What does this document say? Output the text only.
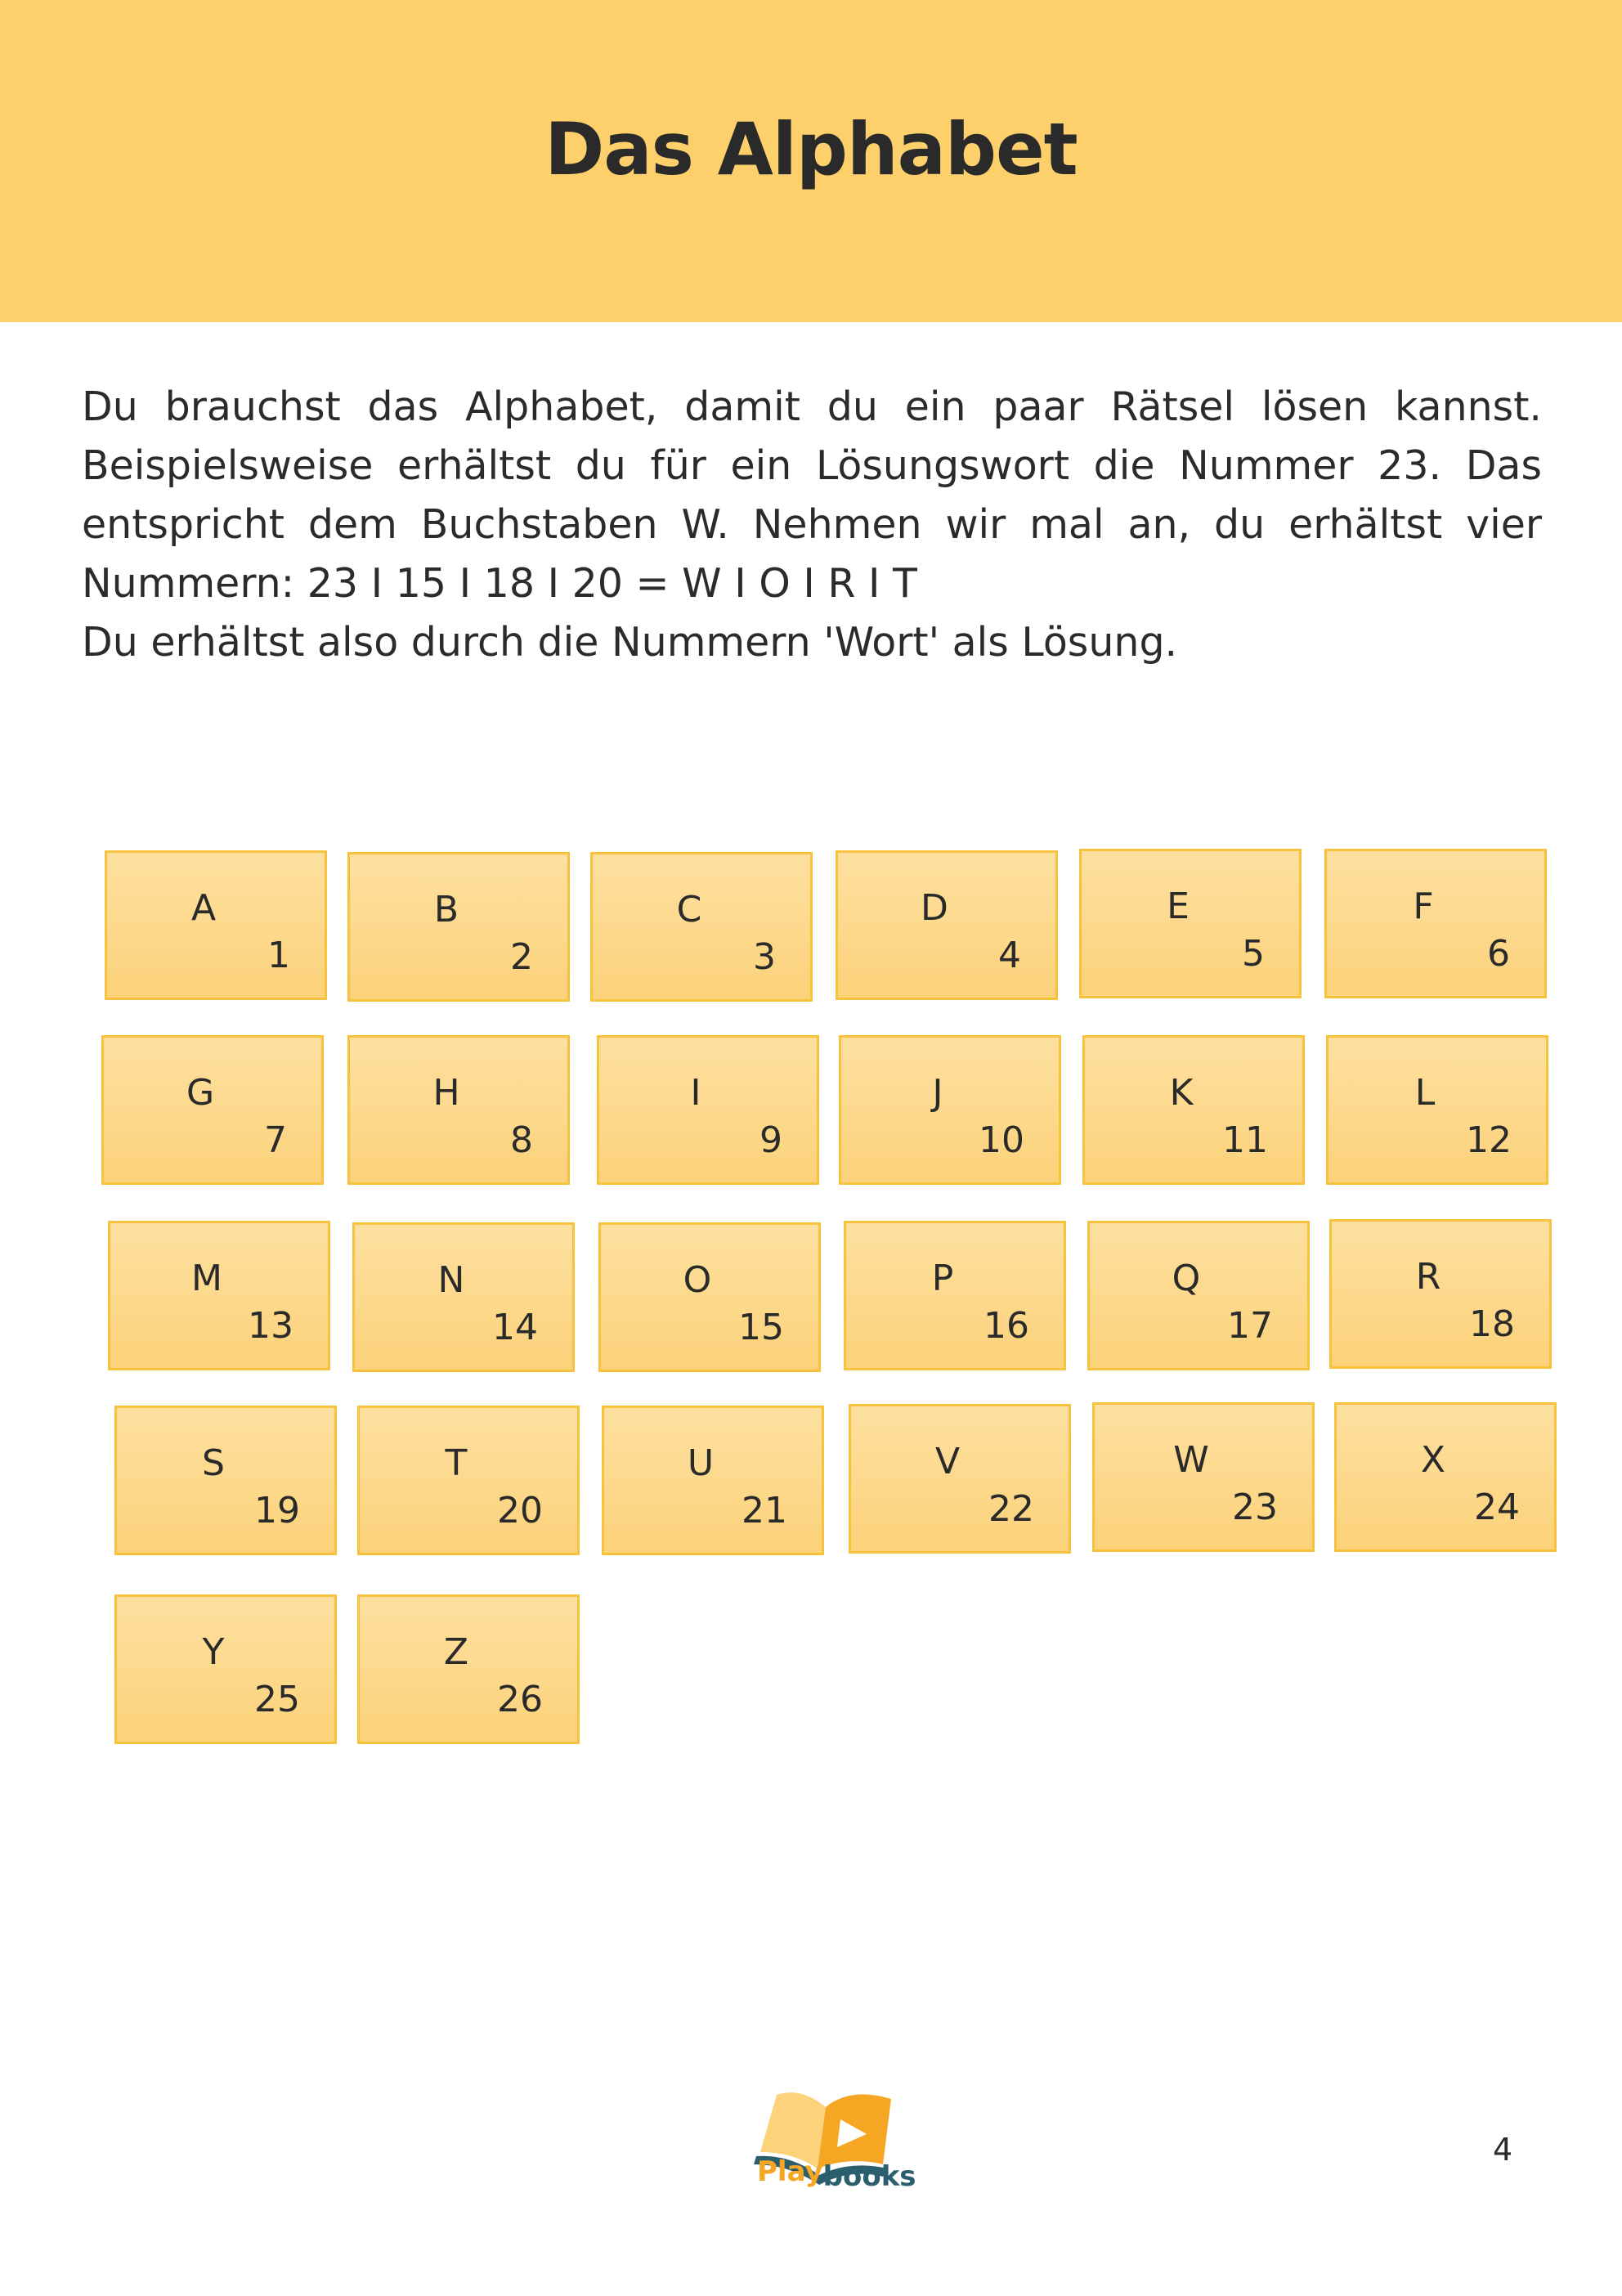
Das Alphabet
Du brauchst das Alphabet, damit du ein paar Rätsel lösen kannst.
Beispielsweise erhältst du für ein Lösungswort die Nummer 23. Das
entspricht dem Buchstaben W. Nehmen wir mal an, du erhältst vier
Nummern: 23 I 15 I 18 I 20 = W I O I R I T
Du erhältst also durch die Nummern 'Wort' als Lösung.
A
1
B
2
C
3
D
4
E
5
F
6
G
7
H
8
I
9
J
10
K
11
L
12
M
13
N
14
O
15
P
16
Q
17
R
18
S
19
T
20
U
21
V
22
W
23
X
24
Y
25
Z
26
Playbooks
4
